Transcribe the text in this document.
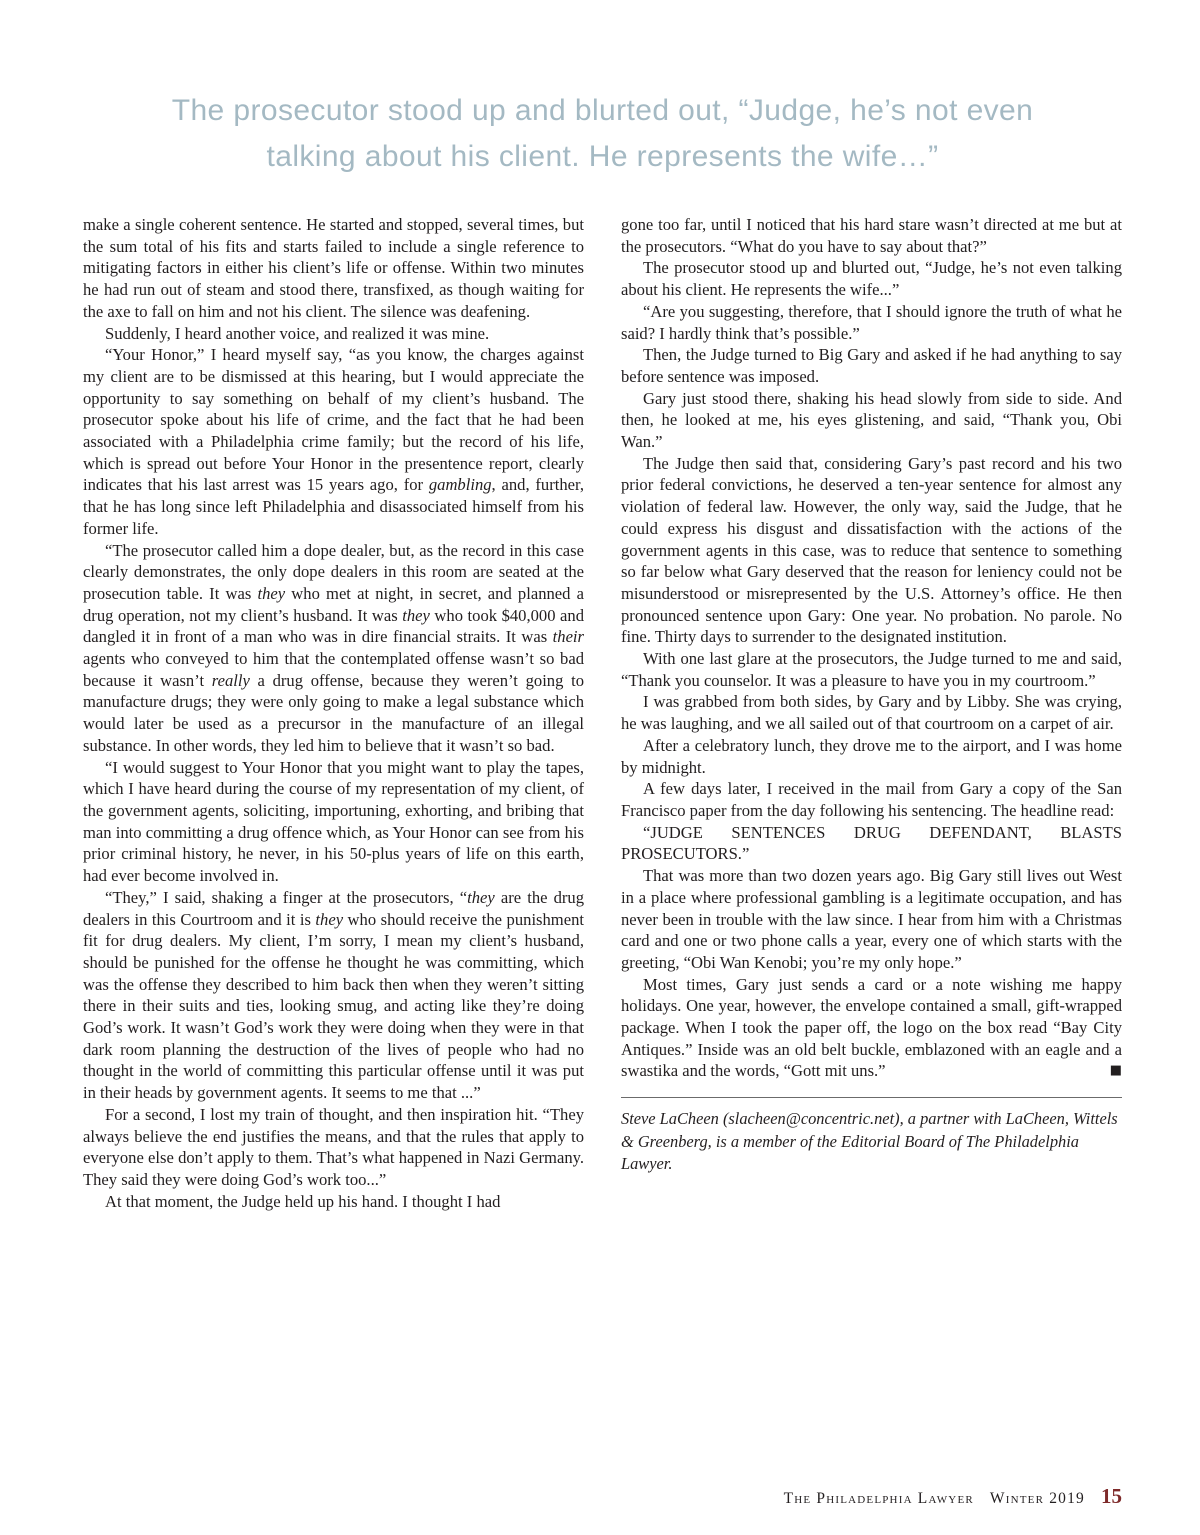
The prosecutor stood up and blurted out, “Judge, he’s not even
talking about his client. He represents the wife…”

make a single coherent sentence. He started and stopped, several times, but the sum total of his fits and starts failed to include a single reference to mitigating factors in either his client’s life or offense. Within two minutes he had run out of steam and stood there, transfixed, as though waiting for the axe to fall on him and not his client. The silence was deafening.

Suddenly, I heard another voice, and realized it was mine.

“Your Honor,” I heard myself say, “as you know, the charges against my client are to be dismissed at this hearing, but I would appreciate the opportunity to say something on behalf of my client’s husband. The prosecutor spoke about his life of crime, and the fact that he had been associated with a Philadelphia crime family; but the record of his life, which is spread out before Your Honor in the presentence report, clearly indicates that his last arrest was 15 years ago, for gambling, and, further, that he has long since left Philadelphia and disassociated himself from his former life.

“The prosecutor called him a dope dealer, but, as the record in this case clearly demonstrates, the only dope dealers in this room are seated at the prosecution table. It was they who met at night, in secret, and planned a drug operation, not my client’s husband. It was they who took $40,000 and dangled it in front of a man who was in dire financial straits. It was their agents who conveyed to him that the contemplated offense wasn’t so bad because it wasn’t really a drug offense, because they weren’t going to manufacture drugs; they were only going to make a legal substance which would later be used as a precursor in the manufacture of an illegal substance. In other words, they led him to believe that it wasn’t so bad.

“I would suggest to Your Honor that you might want to play the tapes, which I have heard during the course of my representation of my client, of the government agents, soliciting, importuning, exhorting, and bribing that man into committing a drug offence which, as Your Honor can see from his prior criminal history, he never, in his 50-plus years of life on this earth, had ever become involved in.

“They,” I said, shaking a finger at the prosecutors, “they are the drug dealers in this Courtroom and it is they who should receive the punishment fit for drug dealers. My client, I’m sorry, I mean my client’s husband, should be punished for the offense he thought he was committing, which was the offense they described to him back then when they weren’t sitting there in their suits and ties, looking smug, and acting like they’re doing God’s work. It wasn’t God’s work they were doing when they were in that dark room planning the destruction of the lives of people who had no thought in the world of committing this particular offense until it was put in their heads by government agents. It seems to me that ...”

For a second, I lost my train of thought, and then inspiration hit. “They always believe the end justifies the means, and that the rules that apply to everyone else don’t apply to them. That’s what happened in Nazi Germany. They said they were doing God’s work too...”

At that moment, the Judge held up his hand. I thought I had

gone too far, until I noticed that his hard stare wasn’t directed at me but at the prosecutors. “What do you have to say about that?”

The prosecutor stood up and blurted out, “Judge, he’s not even talking about his client. He represents the wife...”

“Are you suggesting, therefore, that I should ignore the truth of what he said? I hardly think that’s possible.”

Then, the Judge turned to Big Gary and asked if he had anything to say before sentence was imposed.

Gary just stood there, shaking his head slowly from side to side. And then, he looked at me, his eyes glistening, and said, “Thank you, Obi Wan.”

The Judge then said that, considering Gary’s past record and his two prior federal convictions, he deserved a ten-year sentence for almost any violation of federal law. However, the only way, said the Judge, that he could express his disgust and dissatisfaction with the actions of the government agents in this case, was to reduce that sentence to something so far below what Gary deserved that the reason for leniency could not be misunderstood or misrepresented by the U.S. Attorney’s office. He then pronounced sentence upon Gary: One year. No probation. No parole. No fine. Thirty days to surrender to the designated institution.

With one last glare at the prosecutors, the Judge turned to me and said, “Thank you counselor. It was a pleasure to have you in my courtroom.”

I was grabbed from both sides, by Gary and by Libby. She was crying, he was laughing, and we all sailed out of that courtroom on a carpet of air.

After a celebratory lunch, they drove me to the airport, and I was home by midnight.

A few days later, I received in the mail from Gary a copy of the San Francisco paper from the day following his sentencing. The headline read:

“JUDGE SENTENCES DRUG DEFENDANT, BLASTS PROSECUTORS.”

That was more than two dozen years ago. Big Gary still lives out West in a place where professional gambling is a legitimate occupation, and has never been in trouble with the law since. I hear from him with a Christmas card and one or two phone calls a year, every one of which starts with the greeting, “Obi Wan Kenobi; you’re my only hope.”

Most times, Gary just sends a card or a note wishing me happy holidays. One year, however, the envelope contained a small, gift-wrapped package. When I took the paper off, the logo on the box read “Bay City Antiques.” Inside was an old belt buckle, emblazoned with an eagle and a swastika and the words, “Gott mit uns.”	■

Steve LaCheen (slacheen@concentric.net), a partner with LaCheen, Wittels & Greenberg, is a member of the Editorial Board of The Philadelphia Lawyer.

The Philadelphia Lawyer Winter 2019 15
